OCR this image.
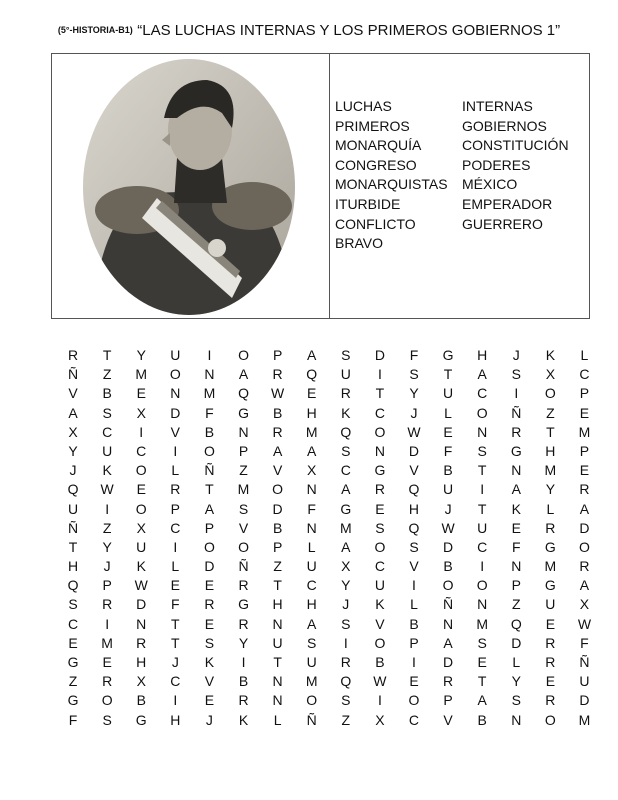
(5°-HISTORIA-B1) “LAS LUCHAS INTERNAS Y LOS PRIMEROS GOBIERNOS 1”
LUCHAS	INTERNAS
PRIMEROS	GOBIERNOS
MONARQUÍA	CONSTITUCIÓN
CONGRESO	PODERES
MONARQUISTAS	MÉXICO
ITURBIDE	EMPERADOR
CONFLICTO	GUERRERO
BRAVO
R	T	Y	U	I	O	P	A	S	D	F	G	H	J	K	L
Ñ	Z	M	O	N	A	R	Q	U	I	S	T	A	S	X	C
V	B	E	N	M	Q	W	E	R	T	Y	U	C	I	O	P
A	S	X	D	F	G	B	H	K	C	J	L	O	Ñ	Z	E
X	C	I	V	B	N	R	M	Q	O	W	E	N	R	T	M
Y	U	C	I	O	P	A	A	S	N	D	F	S	G	H	P
J	K	O	L	Ñ	Z	V	X	C	G	V	B	T	N	M	E
Q	W	E	R	T	M	O	N	A	R	Q	U	I	A	Y	R
U	I	O	P	A	S	D	F	G	E	H	J	T	K	L	A
Ñ	Z	X	C	P	V	B	N	M	S	Q	W	U	E	R	D
T	Y	U	I	O	O	P	L	A	O	S	D	C	F	G	O
H	J	K	L	D	Ñ	Z	U	X	C	V	B	I	N	M	R
Q	P	W	E	E	R	T	C	Y	U	I	O	O	P	G	A
S	R	D	F	R	G	H	H	J	K	L	Ñ	N	Z	U	X
C	I	N	T	E	R	N	A	S	V	B	N	M	Q	E	W
E	M	R	T	S	Y	U	S	I	O	P	A	S	D	R	F
G	E	H	J	K	I	T	U	R	B	I	D	E	L	R	Ñ
Z	R	X	C	V	B	N	M	Q	W	E	R	T	Y	E	U
G	O	B	I	E	R	N	O	S	I	O	P	A	S	R	D
F	S	G	H	J	K	L	Ñ	Z	X	C	V	B	N	O	M
